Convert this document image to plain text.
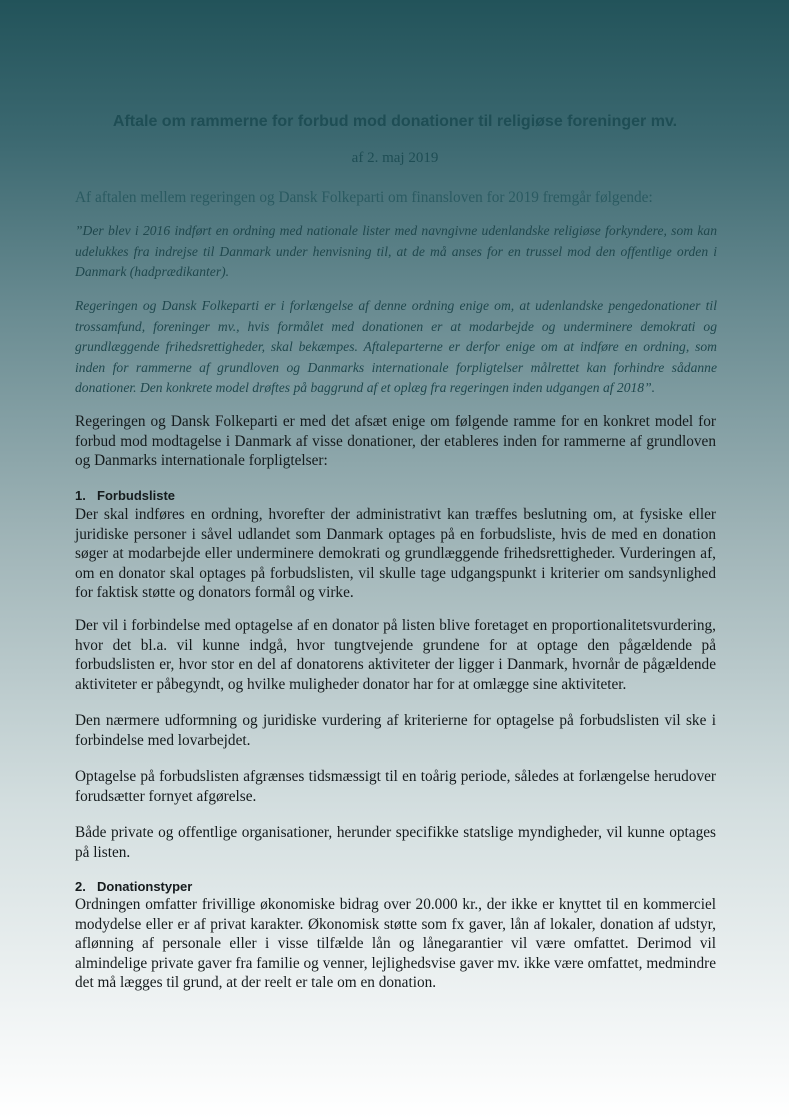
Aftale om rammerne for forbud mod donationer til religiøse foreninger mv.

af 2. maj 2019

Af aftalen mellem regeringen og Dansk Folkeparti om finansloven for 2019 fremgår følgende:

”Der blev i 2016 indført en ordning med nationale lister med navngivne udenlandske religiøse forkyndere, som kan udelukkes fra indrejse til Danmark under henvisning til, at de må anses for en trussel mod den offentlige orden i Danmark (hadprædikanter).

Regeringen og Dansk Folkeparti er i forlængelse af denne ordning enige om, at udenlandske pengedonationer til trossamfund, foreninger mv., hvis formålet med donationen er at modarbejde og underminere demokrati og grundlæggende frihedsrettigheder, skal bekæmpes. Aftaleparterne er derfor enige om at indføre en ordning, som inden for rammerne af grundloven og Danmarks internationale forpligtelser målrettet kan forhindre sådanne donationer. Den konkrete model drøftes på baggrund af et oplæg fra regeringen inden udgangen af 2018”.

Regeringen og Dansk Folkeparti er med det afsæt enige om følgende ramme for en konkret model for forbud mod modtagelse i Danmark af visse donationer, der etableres inden for rammerne af grundloven og Danmarks internationale forpligtelser:

1. Forbudsliste

Der skal indføres en ordning, hvorefter der administrativt kan træffes beslutning om, at fysiske eller juridiske personer i såvel udlandet som Danmark optages på en forbudsliste, hvis de med en donation søger at modarbejde eller underminere demokrati og grundlæggende frihedsrettigheder. Vurderingen af, om en donator skal optages på forbudslisten, vil skulle tage udgangspunkt i kriterier om sandsynlighed for faktisk støtte og donators formål og virke.

Der vil i forbindelse med optagelse af en donator på listen blive foretaget en proportionalitetsvurdering, hvor det bl.a. vil kunne indgå, hvor tungtvejende grundene for at optage den pågældende på forbudslisten er, hvor stor en del af donatorens aktiviteter der ligger i Danmark, hvornår de pågældende aktiviteter er påbegyndt, og hvilke muligheder donator har for at omlægge sine aktiviteter.

Den nærmere udformning og juridiske vurdering af kriterierne for optagelse på forbudslisten vil ske i forbindelse med lovarbejdet.

Optagelse på forbudslisten afgrænses tidsmæssigt til en toårig periode, således at forlængelse herudover forudsætter fornyet afgørelse.

Både private og offentlige organisationer, herunder specifikke statslige myndigheder, vil kunne optages på listen.

2. Donationstyper

Ordningen omfatter frivillige økonomiske bidrag over 20.000 kr., der ikke er knyttet til en kommerciel modydelse eller er af privat karakter. Økonomisk støtte som fx gaver, lån af lokaler, donation af udstyr, aflønning af personale eller i visse tilfælde lån og lånegarantier vil være omfattet. Derimod vil almindelige private gaver fra familie og venner, lejlighedsvise gaver mv. ikke være omfattet, medmindre det må lægges til grund, at der reelt er tale om en donation.
